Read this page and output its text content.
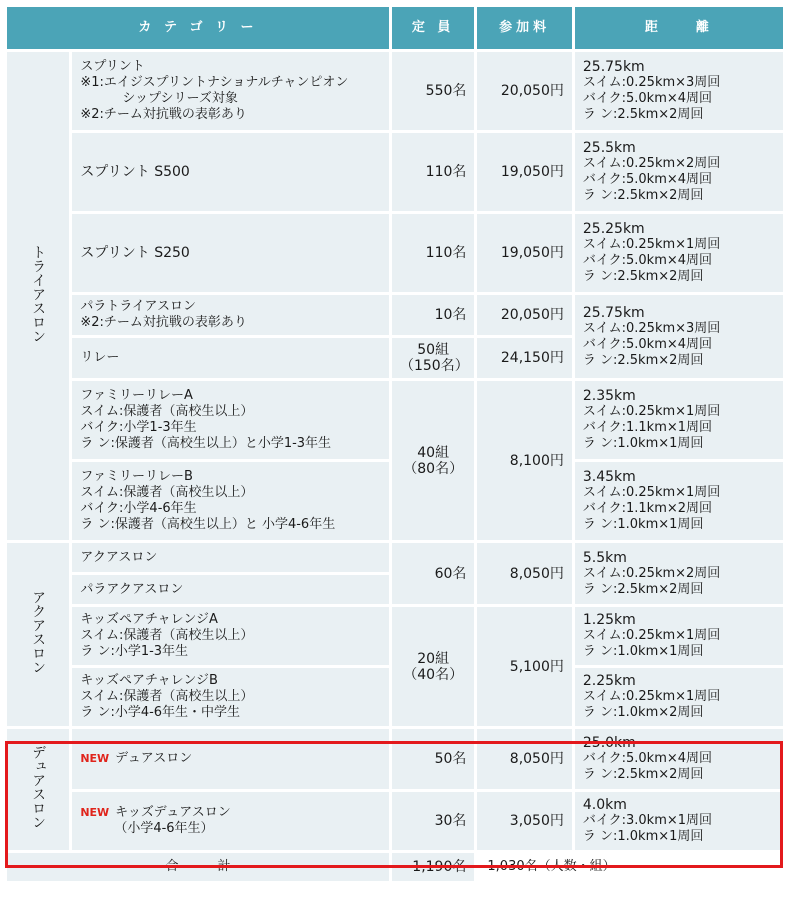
カ テ ゴ リ ー		定 員	参加料	距　　離
トライアスロン	スプリント
※1:エイジスプリントナショナルチャンピオン
シップシリーズ対象
※2:チーム対抗戦の表彰あり	550名	20,050円	25.75km
スイム:0.25km×3周回
バイク:5.0km×4周回
ラ ン:2.5km×2周回

	スプリント S500	110名	19,050円	25.5km
スイム:0.25km×2周回
バイク:5.0km×4周回
ラ ン:2.5km×2周回

	スプリント S250	110名	19,050円	25.25km
スイム:0.25km×1周回
バイク:5.0km×4周回
ラ ン:2.5km×2周回

	パラトライアスロン
※2:チーム対抗戦の表彰あり	10名	20,050円	25.75km
スイム:0.25km×3周回
バイク:5.0km×4周回
ラ ン:2.5km×2周回

	リレー	50組
（150名）	24,150円	

	ファミリーリレーA
スイム:保護者（高校生以上）
バイク:小学1-3年生
ラ ン:保護者（高校生以上）と小学1-3年生	40組
（80名）	8,100円	2.35km
スイム:0.25km×1周回
バイク:1.1km×1周回
ラ ン:1.0km×1周回

	ファミリーリレーB
スイム:保護者（高校生以上）
バイク:小学4-6年生
ラ ン:保護者（高校生以上）と 小学4-6年生			3.45km
スイム:0.25km×1周回
バイク:1.1km×2周回
ラ ン:1.0km×1周回

アクアスロン	アクアスロン	60名	8,050円	5.5km
スイム:0.25km×2周回
ラ ン:2.5km×2周回

	パラアクアスロン			

	キッズペアチャレンジA
スイム:保護者（高校生以上）
ラ ン:小学1-3年生	20組
（40名）	5,100円	1.25km
スイム:0.25km×1周回
ラ ン:1.0km×1周回

	キッズペアチャレンジB
スイム:保護者（高校生以上）
ラ ン:小学4-6年生・中学生			2.25km
スイム:0.25km×1周回
ラ ン:1.0km×2周回

デュアスロン	NEW デュアスロン	50名	8,050円	25.0km
バイク:5.0km×4周回
ラ ン:2.5km×2周回

	NEW キッズデュアスロン
（小学4-6年生）	30名	3,050円	4.0km
バイク:3.0km×1周回
ラ ン:1.0km×1周回

合　　　計		1,190名	1,030名（人数・組）	
